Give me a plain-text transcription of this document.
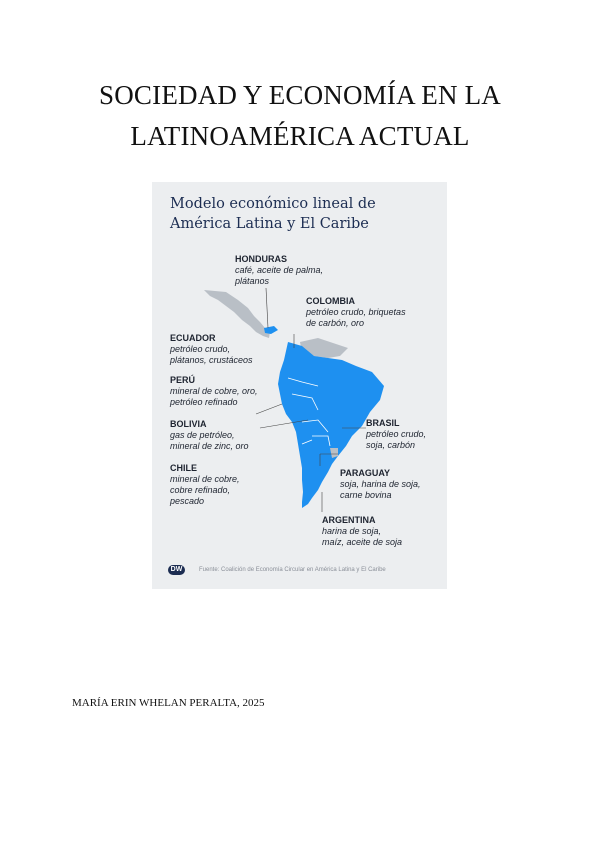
SOCIEDAD Y ECONOMÍA EN LA
LATINOAMÉRICA ACTUAL
Modelo económico lineal de
América Latina y El Caribe
HONDURAS
café, aceite de palma,
plátanos
COLOMBIA
petróleo crudo, briquetas
de carbón, oro
ECUADOR
petróleo crudo,
plátanos, crustáceos
PERÚ
mineral de cobre, oro,
petróleo refinado
BOLIVIA
gas de petróleo,
mineral de zinc, oro
BRASIL
petróleo crudo,
soja, carbón
CHILE
mineral de cobre,
cobre refinado,
pescado
PARAGUAY
soja, harina de soja,
carne bovina
ARGENTINA
harina de soja,
maíz, aceite de soja
DW	Fuente: Coalición de Economía Circular en América Latina y El Caribe
MARÍA ERIN WHELAN PERALTA, 2025
